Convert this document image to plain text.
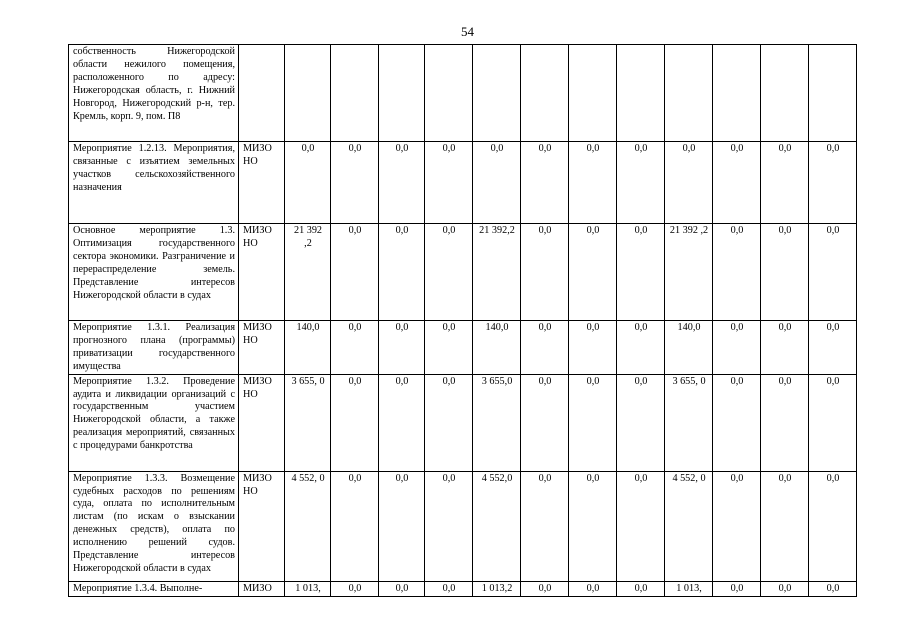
54
собственность Нижегородской области нежилого помещения, расположенного по адресу: Нижегородская область, г. Нижний Новгород, Нижегородский р-н, тер. Кремль, корп. 9, пом. П8													
Мероприятие 1.2.13. Мероприятия, связанные с изъятием земельных участков сельскохозяйственного назначения	МИЗО НО	0,0	0,0	0,0	0,0	0,0	0,0	0,0	0,0	0,0	0,0	0,0	0,0
Основное мероприятие 1.3. Оптимизация государственного сектора экономики. Разграничение и перераспределение земель. Представление интересов Нижегородской области в судах	МИЗО НО	21 392 ,2	0,0	0,0	0,0	21 392,2	0,0	0,0	0,0	21 392 ,2	0,0	0,0	0,0
Мероприятие 1.3.1. Реализация прогнозного плана (программы) приватизации государственного имущества	МИЗО НО	140,0	0,0	0,0	0,0	140,0	0,0	0,0	0,0	140,0	0,0	0,0	0,0
Мероприятие 1.3.2. Проведение аудита и ликвидации организаций с государственным участием Нижегородской области, а также реализация мероприятий, связанных с процедурами банкротства	МИЗО НО	3 655, 0	0,0	0,0	0,0	3 655,0	0,0	0,0	0,0	3 655, 0	0,0	0,0	0,0
Мероприятие 1.3.3. Возмещение судебных расходов по решениям суда, оплата по исполнительным листам (по искам о взыскании денежных средств), оплата по исполнению решений судов. Представление интересов Нижегородской области в судах	МИЗО НО	4 552, 0	0,0	0,0	0,0	4 552,0	0,0	0,0	0,0	4 552, 0	0,0	0,0	0,0
Мероприятие 1.3.4. Выполне-	МИЗО	1 013,	0,0	0,0	0,0	1 013,2	0,0	0,0	0,0	1 013,	0,0	0,0	0,0
